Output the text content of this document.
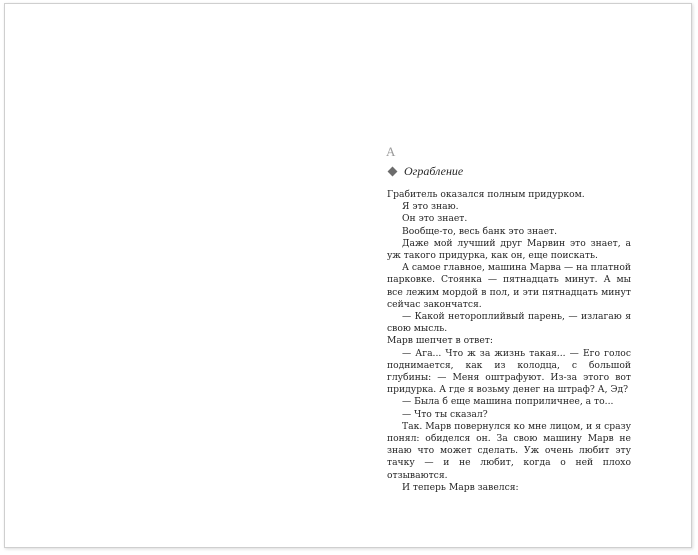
А
Ограбление

Грабитель оказался полным придурком.

Я это знаю.

Он это знает.

Вообще-то, весь банк это знает.

Даже мой лучший друг Марвин это знает, а уж такого придурка, как он, еще поискать.

А самое главное, машина Марва — на платной парковке. Стоянка — пятнадцать минут. А мы все лежим мордой в пол, и эти пятнадцать минут сейчас закончатся.

— Какой нетороплийвый парень, — излагаю я свою мысль.

Марв шепчет в ответ:

— Ага... Что ж за жизнь такая... — Его голос поднимается, как из колодца, с большой глубины: — Меня оштрафуют. Из-за этого вот придурка. А где я возьму денег на штраф? А, Эд?

— Была б еще машина поприличнее, а то...

— Что ты сказал?

Так. Марв повернулся ко мне лицом, и я сразу понял: обиделся он. За свою машину Марв не знаю что может сделать. Уж очень любит эту тачку — и не любит, когда о ней плохо отзываются.

И теперь Марв завелся:
